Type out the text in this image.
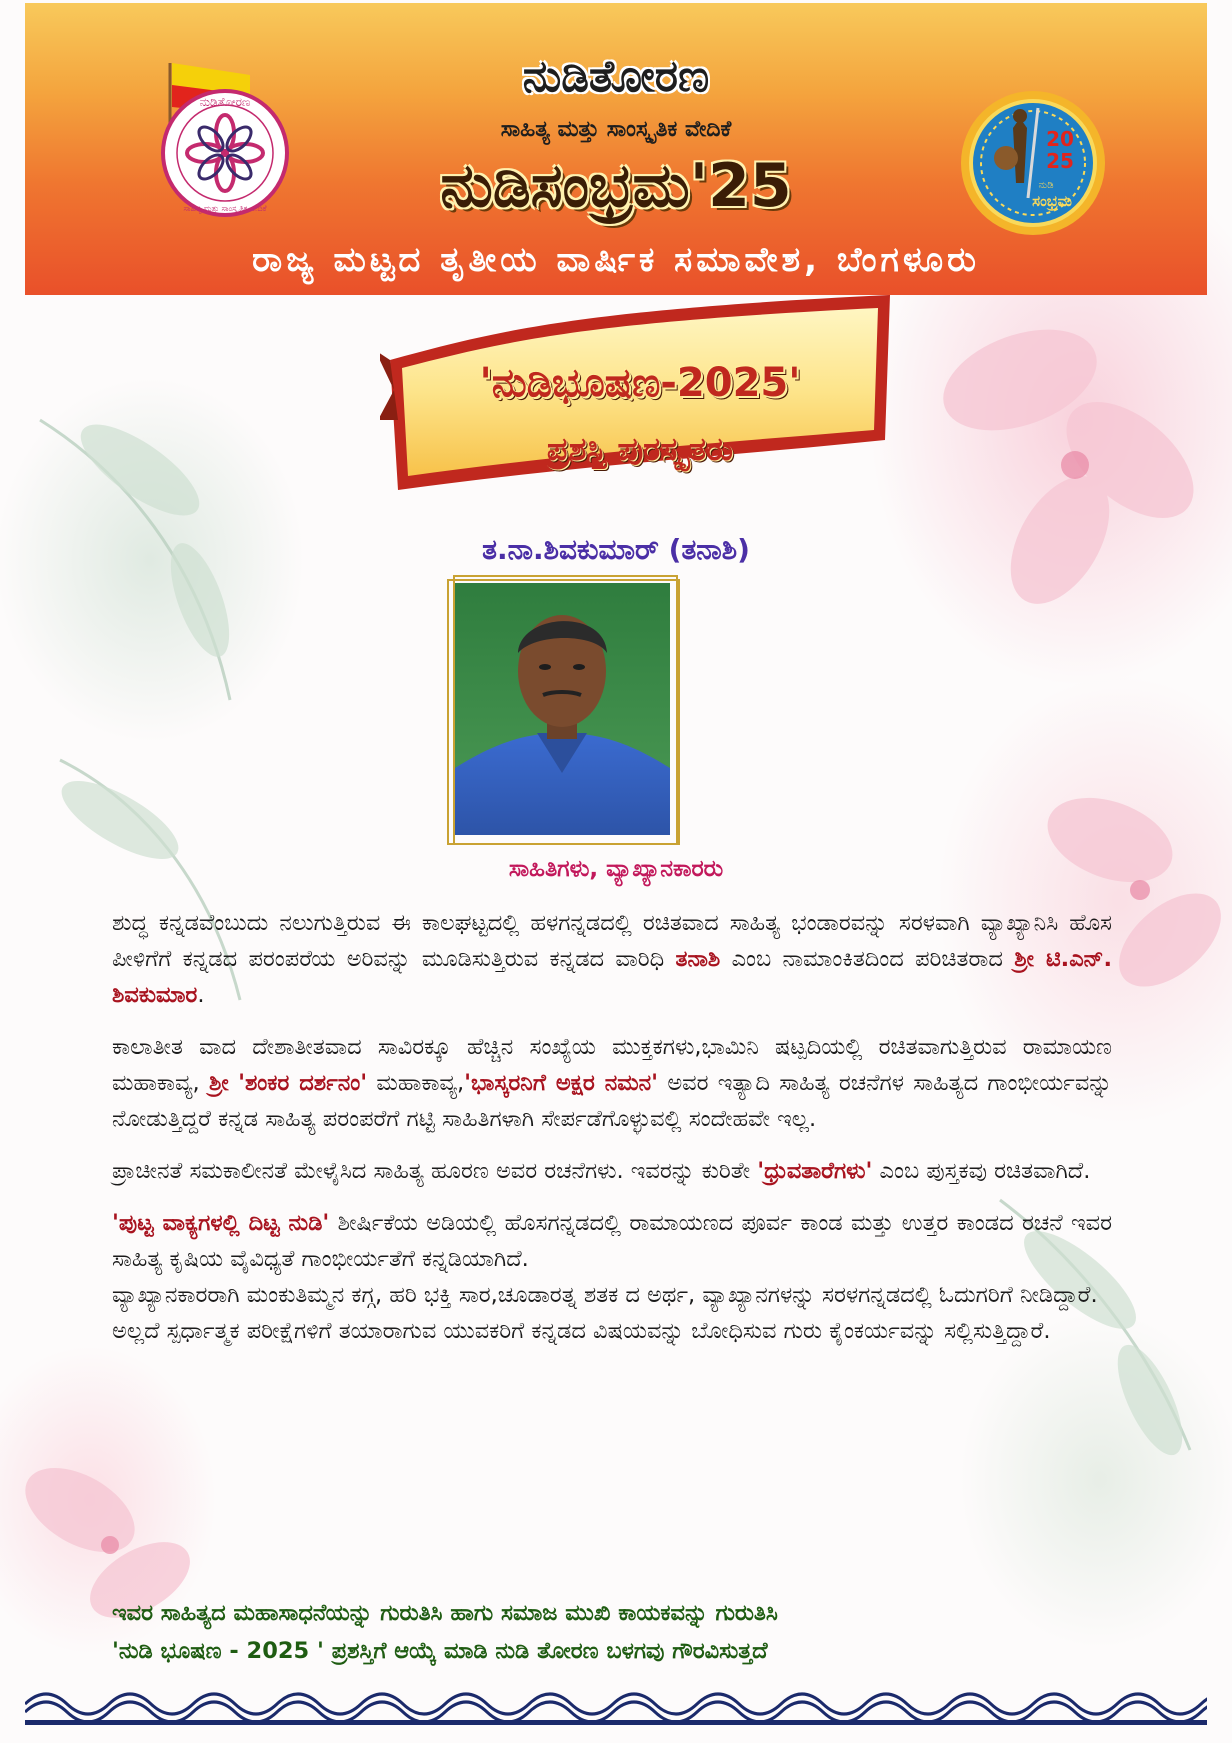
ನುಡಿತೋರಣ
ಸಾಹಿತ್ಯ ಮತ್ತು ಸಾಂಸ್ಕೃತಿಕ ವೇದಿಕೆ
20
25
ನುಡಿ
ಸಂಭ್ರಮ
ನುಡಿತೋರಣ
ಸಾಹಿತ್ಯ ಮತ್ತು ಸಾಂಸ್ಕೃತಿಕ ವೇದಿಕೆ
ನುಡಿಸಂಭ್ರಮ'25
ರಾಜ್ಯ ಮಟ್ಟದ ತೃತೀಯ ವಾರ್ಷಿಕ ಸಮಾವೇಶ, ಬೆಂಗಳೂರು
'ನುಡಿಭೂಷಣ-2025'
ಪ್ರಶಸ್ತಿ ಪುರಸ್ಕೃತರು
ತ.ನಾ.ಶಿವಕುಮಾರ್ (ತನಾಶಿ)
ಸಾಹಿತಿಗಳು, ವ್ಯಾಖ್ಯಾನಕಾರರು

ಶುದ್ಧ ಕನ್ನಡವೆಂಬುದು ನಲುಗುತ್ತಿರುವ ಈ ಕಾಲಘಟ್ಟದಲ್ಲಿ ಹಳಗನ್ನಡದಲ್ಲಿ ರಚಿತವಾದ ಸಾಹಿತ್ಯ ಭಂಡಾರವನ್ನು ಸರಳವಾಗಿ ವ್ಯಾಖ್ಯಾನಿಸಿ ಹೊಸ ಪೀಳಿಗೆಗೆ ಕನ್ನಡದ ಪರಂಪರೆಯ ಅರಿವನ್ನು ಮೂಡಿಸುತ್ತಿರುವ ಕನ್ನಡದ ವಾರಿಧಿ ತನಾಶಿ ಎಂಬ ನಾಮಾಂಕಿತದಿಂದ ಪರಿಚಿತರಾದ ಶ್ರೀ ಟಿ.ಎನ್. ಶಿವಕುಮಾರ.

ಕಾಲಾತೀತ ವಾದ ದೇಶಾತೀತವಾದ ಸಾವಿರಕ್ಕೂ ಹೆಚ್ಚಿನ ಸಂಖ್ಯೆಯ ಮುಕ್ತಕಗಳು,ಭಾಮಿನಿ ಷಟ್ಪದಿಯಲ್ಲಿ ರಚಿತವಾಗುತ್ತಿರುವ ರಾಮಾಯಣ ಮಹಾಕಾವ್ಯ, ಶ್ರೀ 'ಶಂಕರ ದರ್ಶನಂ' ಮಹಾಕಾವ್ಯ,'ಭಾಸ್ಕರನಿಗೆ ಅಕ್ಷರ ನಮನ' ಅವರ ಇತ್ಯಾದಿ ಸಾಹಿತ್ಯ ರಚನೆಗಳ ಸಾಹಿತ್ಯದ ಗಾಂಭೀರ್ಯವನ್ನು ನೋಡುತ್ತಿದ್ದರೆ ಕನ್ನಡ ಸಾಹಿತ್ಯ ಪರಂಪರೆಗೆ ಗಟ್ಟಿ ಸಾಹಿತಿಗಳಾಗಿ ಸೇರ್ಪಡೆಗೊಳ್ಳುವಲ್ಲಿ ಸಂದೇಹವೇ ಇಲ್ಲ.

ಪ್ರಾಚೀನತೆ ಸಮಕಾಲೀನತೆ ಮೇಳೈಸಿದ ಸಾಹಿತ್ಯ ಹೂರಣ ಅವರ ರಚನೆಗಳು. ಇವರನ್ನು ಕುರಿತೇ 'ಧ್ರುವತಾರೆಗಳು' ಎಂಬ ಪುಸ್ತಕವು ರಚಿತವಾಗಿದೆ.

'ಪುಟ್ಟ ವಾಕ್ಯಗಳಲ್ಲಿ ದಿಟ್ಟ ನುಡಿ' ಶೀರ್ಷಿಕೆಯ ಅಡಿಯಲ್ಲಿ ಹೊಸಗನ್ನಡದಲ್ಲಿ ರಾಮಾಯಣದ ಪೂರ್ವ ಕಾಂಡ ಮತ್ತು ಉತ್ತರ ಕಾಂಡದ ರಚನೆ ಇವರ ಸಾಹಿತ್ಯ ಕೃಷಿಯ ವೈವಿಧ್ಯತೆ ಗಾಂಭೀರ್ಯತೆಗೆ ಕನ್ನಡಿಯಾಗಿದೆ.

ವ್ಯಾಖ್ಯಾನಕಾರರಾಗಿ ಮಂಕುತಿಮ್ಮನ ಕಗ್ಗ, ಹರಿ ಭಕ್ತಿ ಸಾರ,ಚೂಡಾರತ್ನ ಶತಕ ದ ಅರ್ಥ, ವ್ಯಾಖ್ಯಾನಗಳನ್ನು ಸರಳಗನ್ನಡದಲ್ಲಿ ಓದುಗರಿಗೆ ನೀಡಿದ್ದಾರೆ.

ಅಲ್ಲದೆ ಸ್ಪರ್ಧಾತ್ಮಕ ಪರೀಕ್ಷೆಗಳಿಗೆ ತಯಾರಾಗುವ ಯುವಕರಿಗೆ ಕನ್ನಡದ ವಿಷಯವನ್ನು ಬೋಧಿಸುವ ಗುರು ಕೈಂಕರ್ಯವನ್ನು ಸಲ್ಲಿಸುತ್ತಿದ್ದಾರೆ.

ಇವರ ಸಾಹಿತ್ಯದ ಮಹಾಸಾಧನೆಯನ್ನು ಗುರುತಿಸಿ ಹಾಗು ಸಮಾಜ ಮುಖಿ ಕಾಯಕವನ್ನು ಗುರುತಿಸಿ

'ನುಡಿ ಭೂಷಣ - 2025 ' ಪ್ರಶಸ್ತಿಗೆ ಆಯ್ಕೆ ಮಾಡಿ ನುಡಿ ತೋರಣ ಬಳಗವು ಗೌರವಿಸುತ್ತದೆ
